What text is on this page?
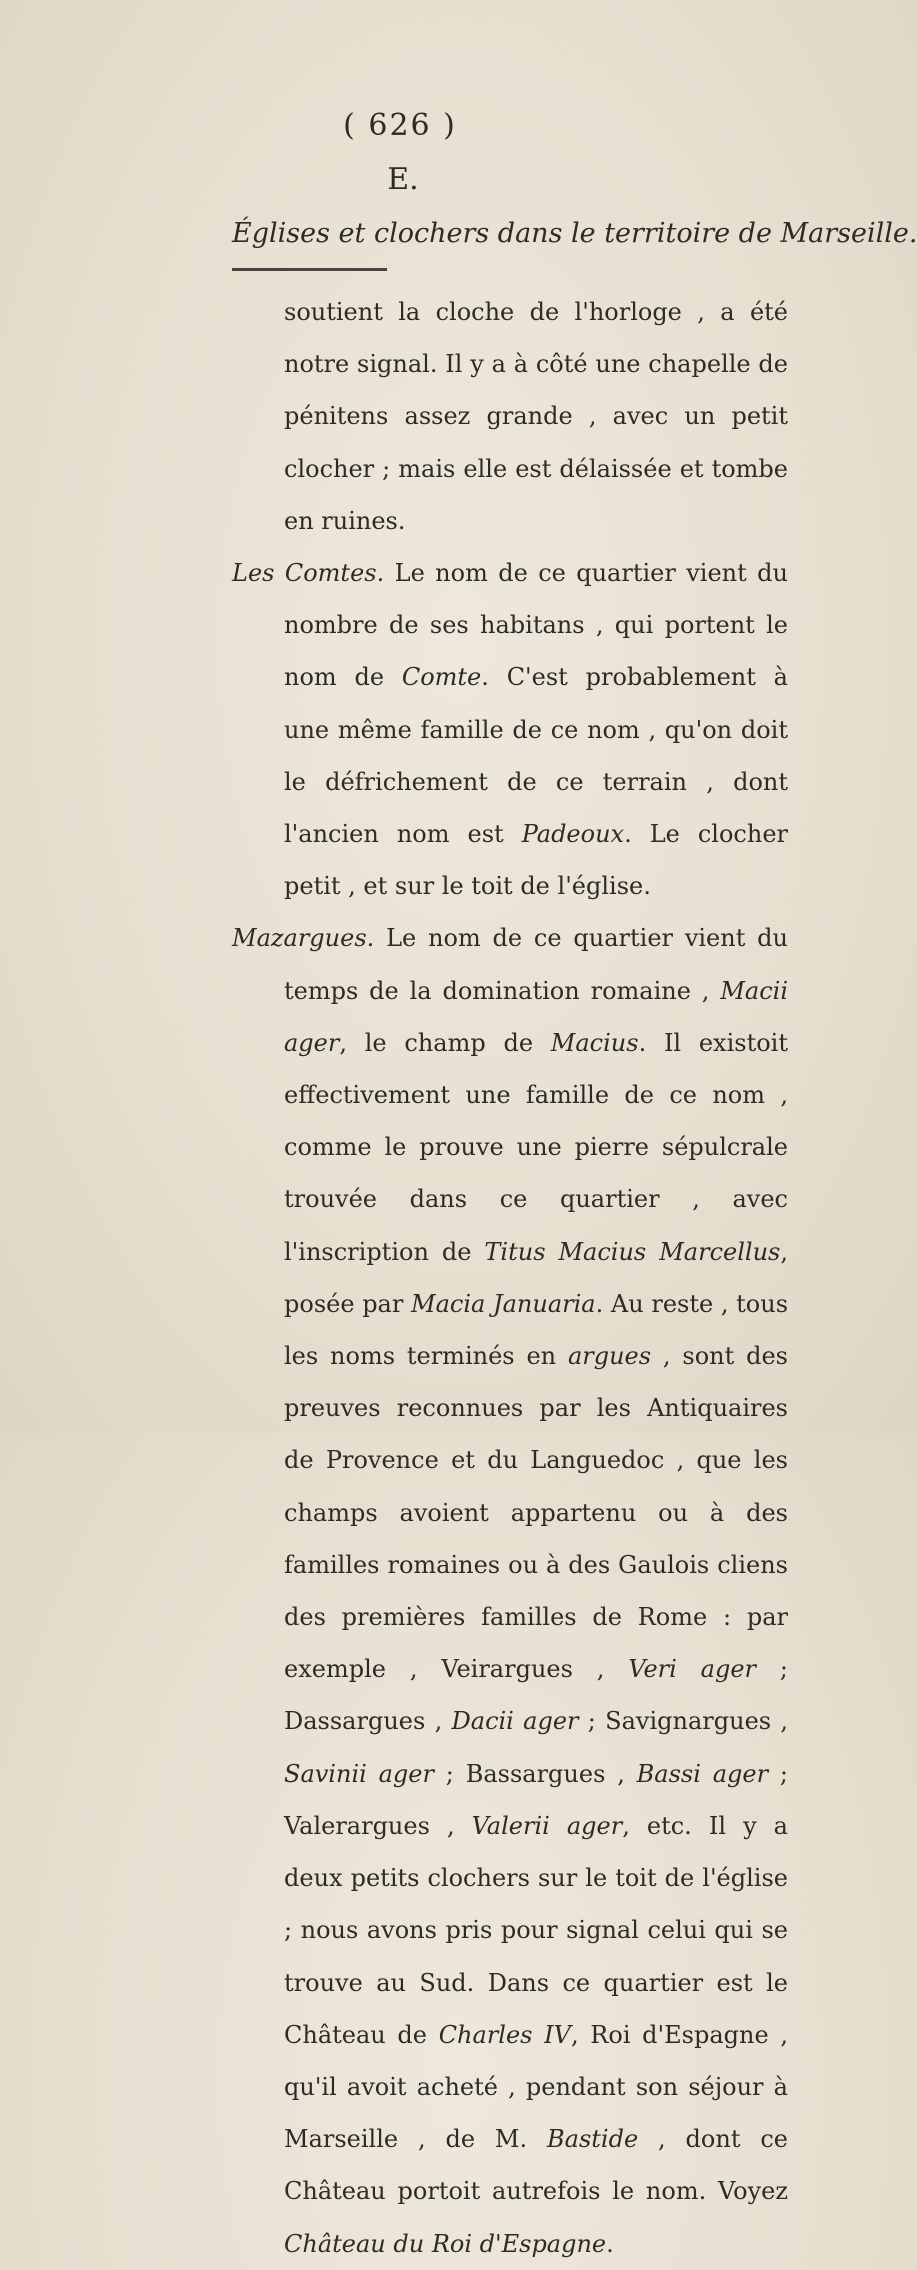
( 626 )
E.
Églises et clochers dans le territoire de Marseille.

soutient la cloche de l'horloge , a été notre signal. Il y a à côté une chapelle de pénitens assez grande , avec un petit clocher ; mais elle est délaissée et tombe en ruines.

Les Comtes. Le nom de ce quartier vient du nombre de ses habitans , qui portent le nom de Comte. C'est probablement à une même famille de ce nom , qu'on doit le défrichement de ce terrain , dont l'ancien nom est Padeoux. Le clocher petit , et sur le toit de l'église.

Mazargues. Le nom de ce quartier vient du temps de la domination romaine , Macii ager, le champ de Macius. Il existoit effectivement une famille de ce nom , comme le prouve une pierre sépulcrale trouvée dans ce quartier , avec l'inscription de Titus Macius Marcellus, posée par Macia Januaria. Au reste , tous les noms terminés en argues , sont des preuves reconnues par les Antiquaires de Provence et du Languedoc , que les champs avoient appartenu ou à des familles romaines ou à des Gaulois cliens des premières familles de Rome : par exemple , Veirargues , Veri ager ; Dassargues , Dacii ager ; Savignargues , Savinii ager ; Bassargues , Bassi ager ; Valerargues , Valerii ager, etc. Il y a deux petits clochers sur le toit de l'église ; nous avons pris pour signal celui qui se trouve au Sud. Dans ce quartier est le Château de Charles IV, Roi d'Espagne , qu'il avoit acheté , pendant son séjour à Marseille , de M. Bastide , dont ce Château portoit autrefois le nom. Voyez Château du Roi d'Espagne.
